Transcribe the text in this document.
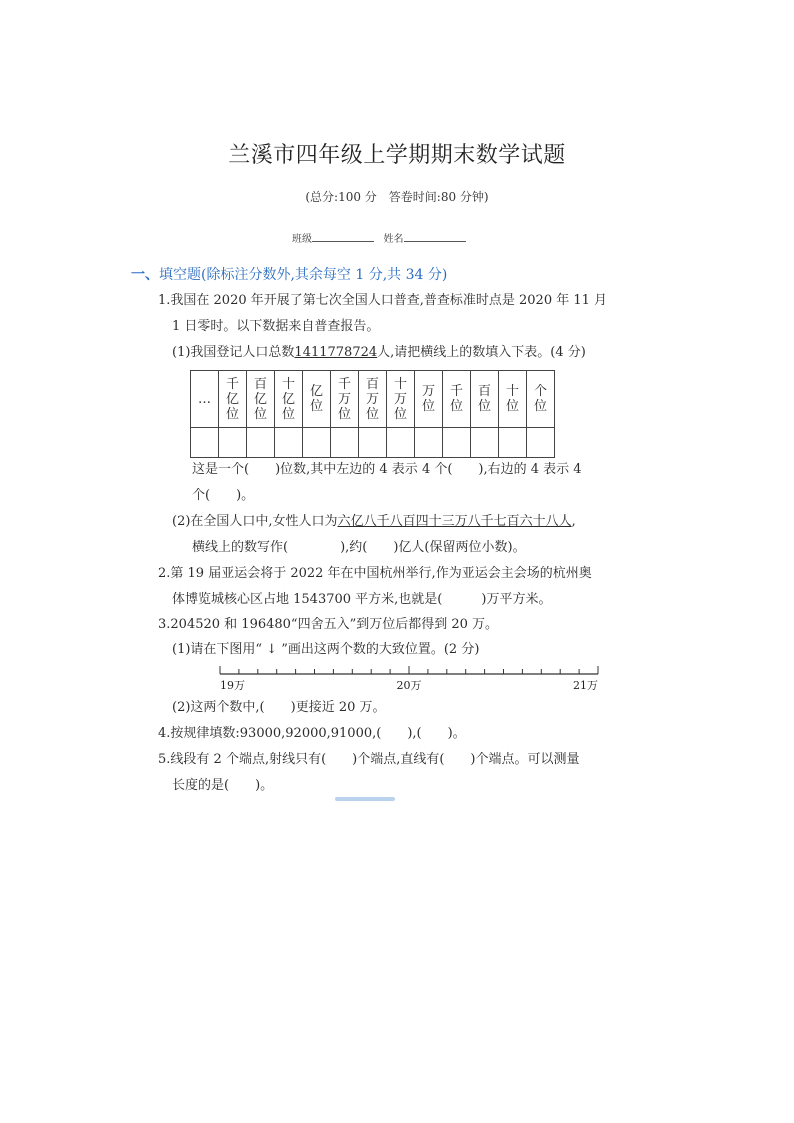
兰溪市四年级上学期期末数学试题
(总分:100 分　答卷时间:80 分钟)
班级	姓名
一、填空题(除标注分数外,其余每空 1 分,共 34 分)
1.我国在 2020 年开展了第七次全国人口普查,普查标准时点是 2020 年 11 月
1 日零时。以下数据来自普查报告。
(1)我国登记人口总数1411778724人,请把横线上的数填入下表。(4 分)
…	千亿位	百亿位	十亿位	亿位	千万位	百万位	十万位	万位	千位	百位	十位	个位

这是一个(　　)位数,其中左边的 4 表示 4 个(　　),右边的 4 表示 4
个(　　)。
(2)在全国人口中,女性人口为六亿八千八百四十三万八千七百六十八人,
横线上的数写作(　　　　),约(　　)亿人(保留两位小数)。
2.第 19 届亚运会将于 2022 年在中国杭州举行,作为亚运会主会场的杭州奥
体博览城核心区占地 1543700 平方米,也就是(　　　)万平方米。
3.204520 和 196480“四舍五入”到万位后都得到 20 万。
(1)请在下图用“ ↓ ”画出这两个数的大致位置。(2 分)
19万	20万	21万
(2)这两个数中,(　　)更接近 20 万。
4.按规律填数:93000,92000,91000,(　　),(　　)。
5.线段有 2 个端点,射线只有(　　)个端点,直线有(　　)个端点。可以测量
长度的是(　　)。
